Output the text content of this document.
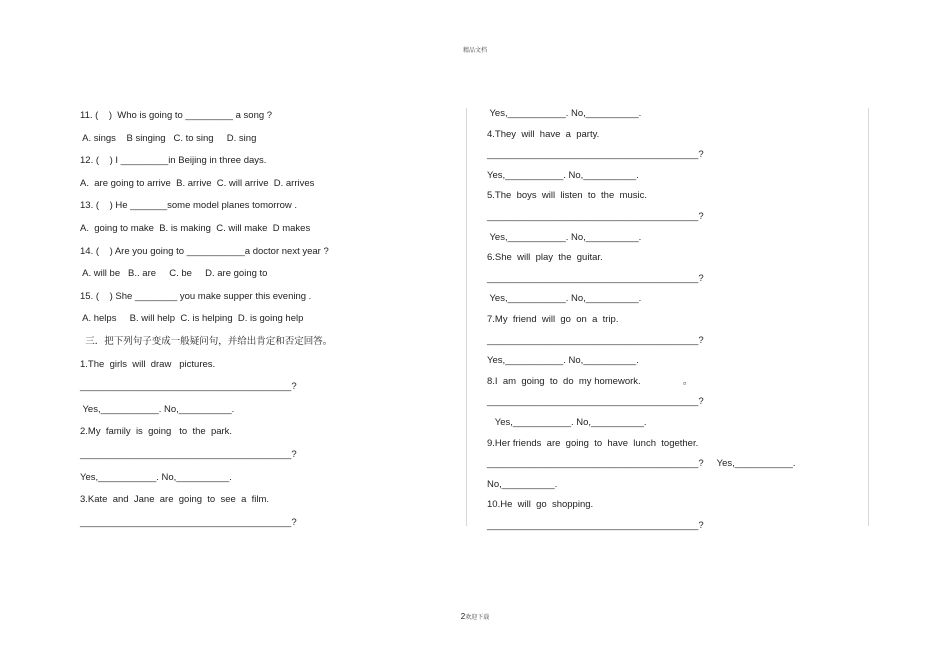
精品文档
11. (    )  Who is going to _________ a song ?
A. sings    B singing   C. to sing     D. sing
12. (    ) I _________in Beijing in three days.
A.  are going to arrive  B. arrive  C. will arrive  D. arrives
13. (    ) He _______some model planes tomorrow .
A.  going to make  B. is making  C. will make  D makes
14. (    ) Are you going to ___________a doctor next year ?
A. will be   B.. are     C. be     D. are going to
15. (    ) She ________ you make supper this evening .
A. helps     B. will help  C. is helping  D. is going help
三．把下列句子变成一般疑问句，并给出肯定和否定回答。
1.The  girls  will  draw   pictures.
________________________________________?
Yes,___________. No,__________.
2.My  family  is  going   to  the  park.
________________________________________?
Yes,___________. No,__________.
3.Kate  and  Jane  are  going  to  see  a  film.
________________________________________?
Yes,___________. No,__________.
4.They  will  have  a  party.
________________________________________?
Yes,___________. No,__________.
5.The  boys  will  listen  to  the  music.
________________________________________?
Yes,___________. No,__________.
6.She  will  play  the  guitar.
________________________________________?
Yes,___________. No,__________.
7.My  friend  will  go  on  a  trip.
________________________________________?
Yes,___________. No,__________.
8.I  am  going  to  do  my homework.                。
________________________________________?
Yes,___________. No,__________.
9.Her friends  are  going  to  have  lunch  together.
________________________________________?     Yes,___________.
No,__________.
10.He  will  go  shopping.
________________________________________?
2欢迎下载
